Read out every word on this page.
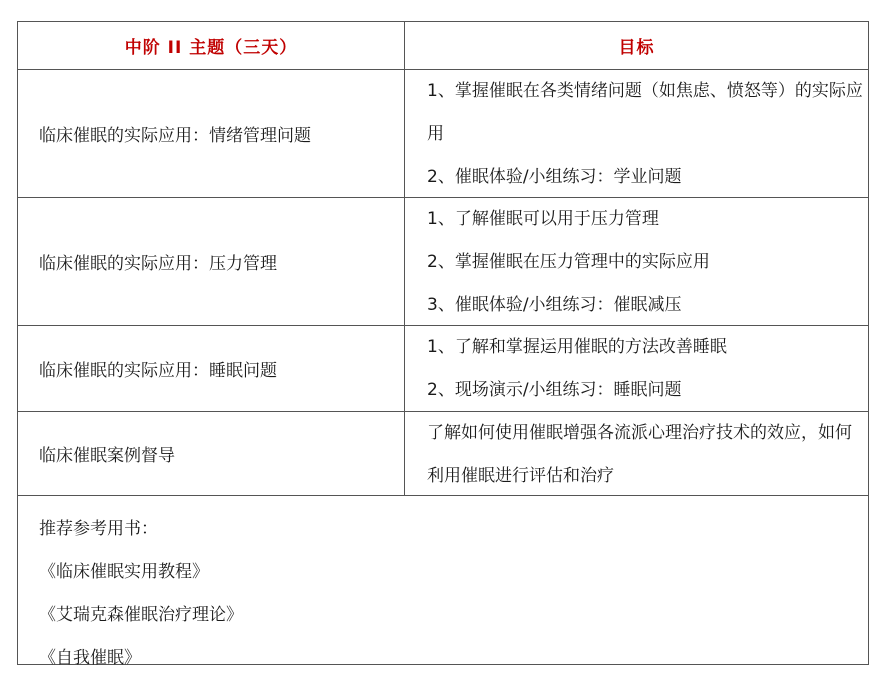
中阶 II 主题（三天）	目标
临床催眠的实际应用：情绪管理问题
1、掌握催眠在各类情绪问题（如焦虑、愤怒等）的实际应用
2、催眠体验/小组练习：学业问题
临床催眠的实际应用：压力管理
1、了解催眠可以用于压力管理
2、掌握催眠在压力管理中的实际应用
3、催眠体验/小组练习：催眠减压
临床催眠的实际应用：睡眠问题
1、了解和掌握运用催眠的方法改善睡眠
2、现场演示/小组练习：睡眠问题
临床催眠案例督导
了解如何使用催眠增强各流派心理治疗技术的效应，如何利用催眠进行评估和治疗
推荐参考用书：
《临床催眠实用教程》
《艾瑞克森催眠治疗理论》
《自我催眠》
